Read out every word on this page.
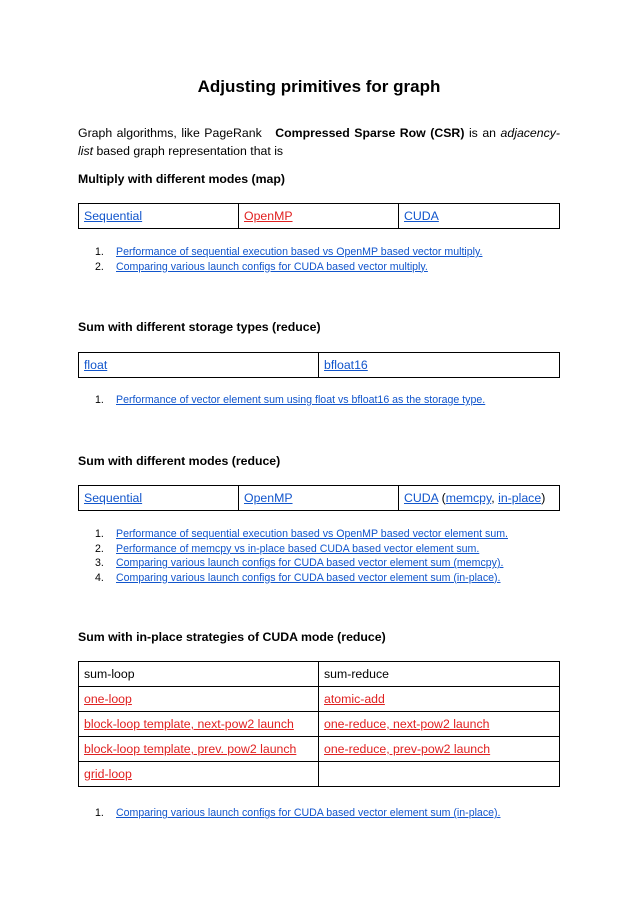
Adjusting primitives for graph
Graph algorithms, like PageRank Compressed Sparse Row (CSR) is an adjacency-list based graph representation that is
Multiply with different modes (map)
Sequential	OpenMP	CUDA
1. Performance of sequential execution based vs OpenMP based vector multiply.
2. Comparing various launch configs for CUDA based vector multiply.
Sum with different storage types (reduce)
float	bfloat16
1. Performance of vector element sum using float vs bfloat16 as the storage type.
Sum with different modes (reduce)
Sequential	OpenMP	CUDA (memcpy, in-place)
1. Performance of sequential execution based vs OpenMP based vector element sum.
2. Performance of memcpy vs in-place based CUDA based vector element sum.
3. Comparing various launch configs for CUDA based vector element sum (memcpy).
4. Comparing various launch configs for CUDA based vector element sum (in-place).
Sum with in-place strategies of CUDA mode (reduce)
sum-loop	sum-reduce
one-loop	atomic-add
block-loop template, next-pow2 launch	one-reduce, next-pow2 launch
block-loop template, prev. pow2 launch	one-reduce, prev-pow2 launch
grid-loop	
1. Comparing various launch configs for CUDA based vector element sum (in-place).
